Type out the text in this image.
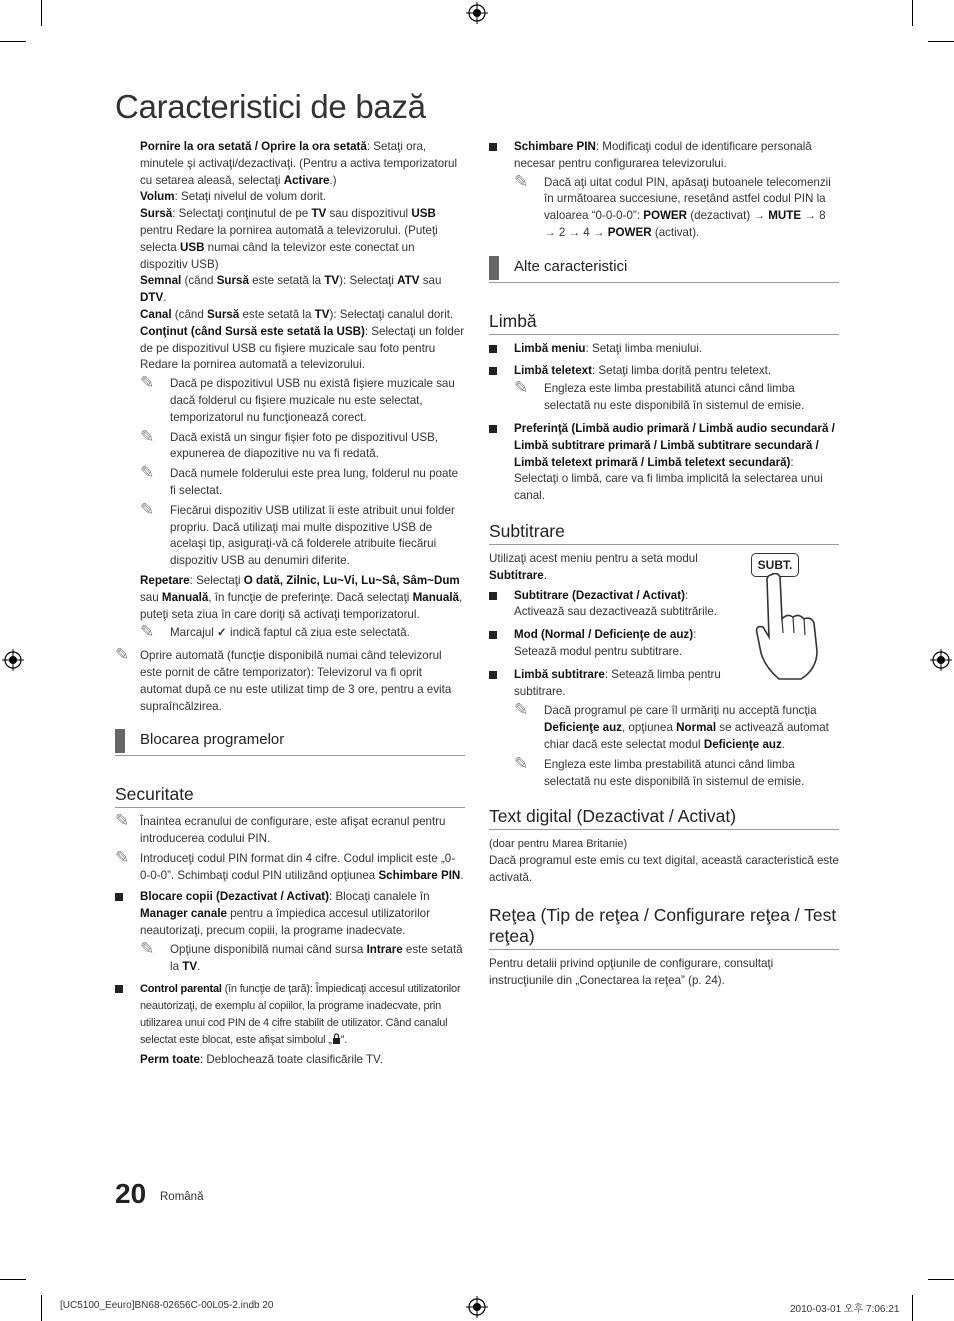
Caracteristici de bază

Pornire la ora setată / Oprire la ora setată: Setaţi ora, minutele şi activaţi/dezactivaţi. (Pentru a activa temporizatorul cu setarea aleasă, selectaţi Activare.)

Volum: Setaţi nivelul de volum dorit.

Sursă: Selectaţi conţinutul de pe TV sau dispozitivul USB pentru Redare la pornirea automată a televizorului. (Puteţi selecta USB numai când la televizor este conectat un dispozitiv USB)

Semnal (când Sursă este setată la TV): Selectaţi ATV sau DTV.

Canal (când Sursă este setată la TV): Selectaţi canalul dorit.

Conţinut (când Sursă este setată la USB): Selectaţi un folder de pe dispozitivul USB cu fişiere muzicale sau foto pentru Redare la pornirea automată a televizorului.

✎ Dacă pe dispozitivul USB nu există fişiere muzicale sau dacă folderul cu fişiere muzicale nu este selectat, temporizatorul nu funcţionează corect.
✎ Dacă există un singur fişier foto pe dispozitivul USB, expunerea de diapozitive nu va fi redată.
✎ Dacă numele folderului este prea lung, folderul nu poate fi selectat.
✎ Fiecărui dispozitiv USB utilizat îi este atribuit unui folder propriu. Dacă utilizaţi mai multe dispozitive USB de acelaşi tip, asiguraţi-vă că folderele atribuite fiecărui dispozitiv USB au denumiri diferite.

Repetare: Selectaţi O dată, Zilnic, Lu~Vi, Lu~Sâ, Sâm~Dum sau Manuală, în funcţie de preferinţe. Dacă selectaţi Manuală, puteţi seta ziua în care doriţi să activaţi temporizatorul.

✎ Marcajul ✓ indică faptul că ziua este selectată.
✎ Oprire automată (funcţie disponibilă numai când televizorul este pornit de către temporizator): Televizorul va fi oprit automat după ce nu este utilizat timp de 3 ore, pentru a evita supraîncălzirea.
Blocarea programelor
Securitate
✎ Înaintea ecranului de configurare, este afişat ecranul pentru introducerea codului PIN.
✎ Introduceţi codul PIN format din 4 cifre. Codul implicit este „0-0-0-0”. Schimbaţi codul PIN utilizând opţiunea Schimbare PIN.
Blocare copii (Dezactivat / Activat): Blocaţi canalele în Manager canale pentru a împiedica accesul utilizatorilor neautorizaţi, precum copiii, la programe inadecvate.
✎ Opţiune disponibilă numai când sursa Intrare este setată la TV.
Control parental (în funcţie de ţară): Împiedicaţi accesul utilizatorilor neautorizaţi, de exemplu al copiilor, la programe inadecvate, prin utilizarea unui cod PIN de 4 cifre stabilit de utilizator. Când canalul selectat este blocat, este afişat simbolul „ ”.

Perm toate: Deblochează toate clasificările TV.

Schimbare PIN: Modificaţi codul de identificare personală necesar pentru configurarea televizorului.
✎ Dacă aţi uitat codul PIN, apăsaţi butoanele telecomenzii în următoarea succesiune, resetând astfel codul PIN la valoarea “0-0-0-0”: POWER (dezactivat) → MUTE → 8 → 2 → 4 → POWER (activat).
Alte caracteristici
Limbă
Limbă meniu: Setaţi limba meniului.
Limbă teletext: Setaţi limba dorită pentru teletext.
✎ Engleza este limba prestabilită atunci când limba selectată nu este disponibilă în sistemul de emisie.
Preferinţă (Limbă audio primară / Limbă audio secundară / Limbă subtitrare primară / Limbă subtitrare secundară / Limbă teletext primară / Limbă teletext secundară): Selectaţi o limbă, care va fi limba implicită la selectarea unui canal.
Subtitrare
SUBT.

Utilizaţi acest meniu pentru a seta modul Subtitrare.

Subtitrare (Dezactivat / Activat): Activează sau dezactivează subtitrările.
Mod (Normal / Deficienţe de auz): Setează modul pentru subtitrare.
Limbă subtitrare: Setează limba pentru subtitrare.
✎ Dacă programul pe care îl urmăriţi nu acceptă funcţia Deficienţe auz, opţiunea Normal se activează automat chiar dacă este selectat modul Deficienţe auz.
✎ Engleza este limba prestabilită atunci când limba selectată nu este disponibilă în sistemul de emisie.
Text digital (Dezactivat / Activat)

(doar pentru Marea Britanie)

Dacă programul este emis cu text digital, această caracteristică este activată.

Reţea (Tip de reţea / Configurare reţea / Test reţea)

Pentru detalii privind opţiunile de configurare, consultaţi instrucţiunile din „Conectarea la reţea” (p. 24).

20 Română
[UC5100_Eeuro]BN68-02656C-00L05-2.indb 20	2010-03-01 오후 7:06:21
